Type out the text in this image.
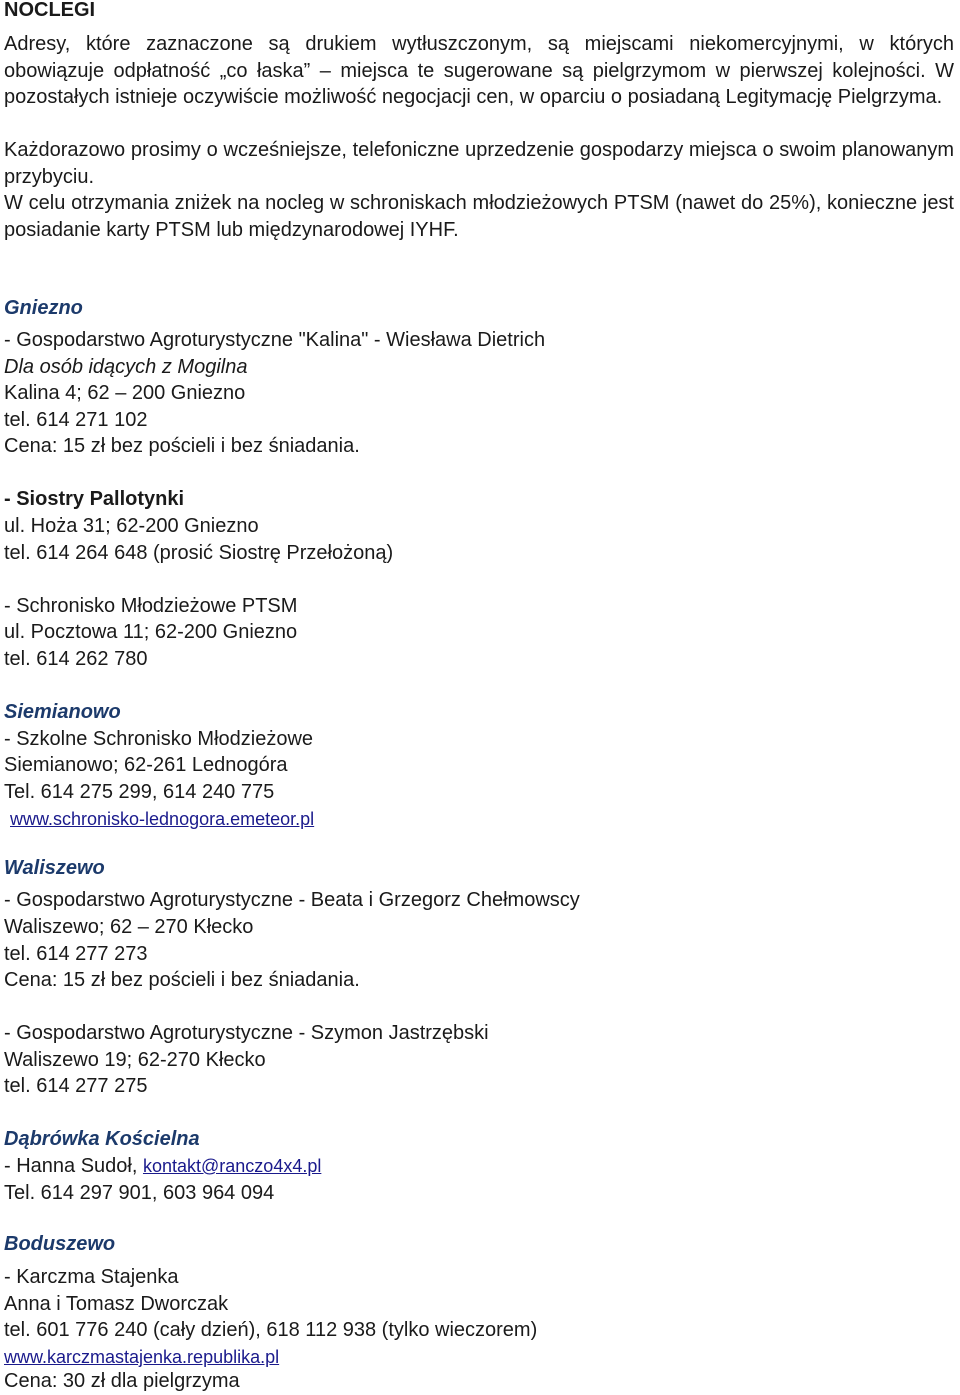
NOCLEGI

Adresy, które zaznaczone są drukiem wytłuszczonym, są miejscami niekomercyjnymi, w których obowiązuje odpłatność „co łaska” – miejsca te sugerowane są pielgrzymom w pierwszej kolejności. W pozostałych istnieje oczywiście możliwość negocjacji cen, w oparciu o posiadaną Legitymację Pielgrzyma.

Każdorazowo prosimy o wcześniejsze, telefoniczne uprzedzenie gospodarzy miejsca o swoim planowanym przybyciu.

W celu otrzymania zniżek na nocleg w schroniskach młodzieżowych PTSM (nawet do 25%), konieczne jest posiadanie karty PTSM lub międzynarodowej IYHF.

Gniezno
- Gospodarstwo Agroturystyczne "Kalina" - Wiesława Dietrich
Dla osób idących z Mogilna
Kalina 4; 62 – 200 Gniezno
tel. 614 271 102
Cena: 15 zł bez pościeli i bez śniadania.
- Siostry Pallotynki
ul. Hoża 31; 62-200 Gniezno
tel. 614 264 648 (prosić Siostrę Przełożoną)
- Schronisko Młodzieżowe PTSM
ul. Pocztowa 11; 62-200 Gniezno
tel. 614 262 780
Siemianowo
- Szkolne Schronisko Młodzieżowe
Siemianowo; 62-261 Lednogóra
Tel. 614 275 299, 614 240 775
www.schronisko-lednogora.emeteor.pl
Waliszewo
- Gospodarstwo Agroturystyczne - Beata i Grzegorz Chełmowscy
Waliszewo; 62 – 270 Kłecko
tel. 614 277 273
Cena: 15 zł bez pościeli i bez śniadania.
- Gospodarstwo Agroturystyczne - Szymon Jastrzębski
Waliszewo 19; 62-270 Kłecko
tel. 614 277 275
Dąbrówka Kościelna
- Hanna Sudoł, kontakt@ranczo4x4.pl
Tel. 614 297 901, 603 964 094
Boduszewo
- Karczma Stajenka
Anna i Tomasz Dworczak
tel. 601 776 240 (cały dzień), 618 112 938 (tylko wieczorem)
www.karczmastajenka.republika.pl
Cena: 30 zł dla pielgrzyma
